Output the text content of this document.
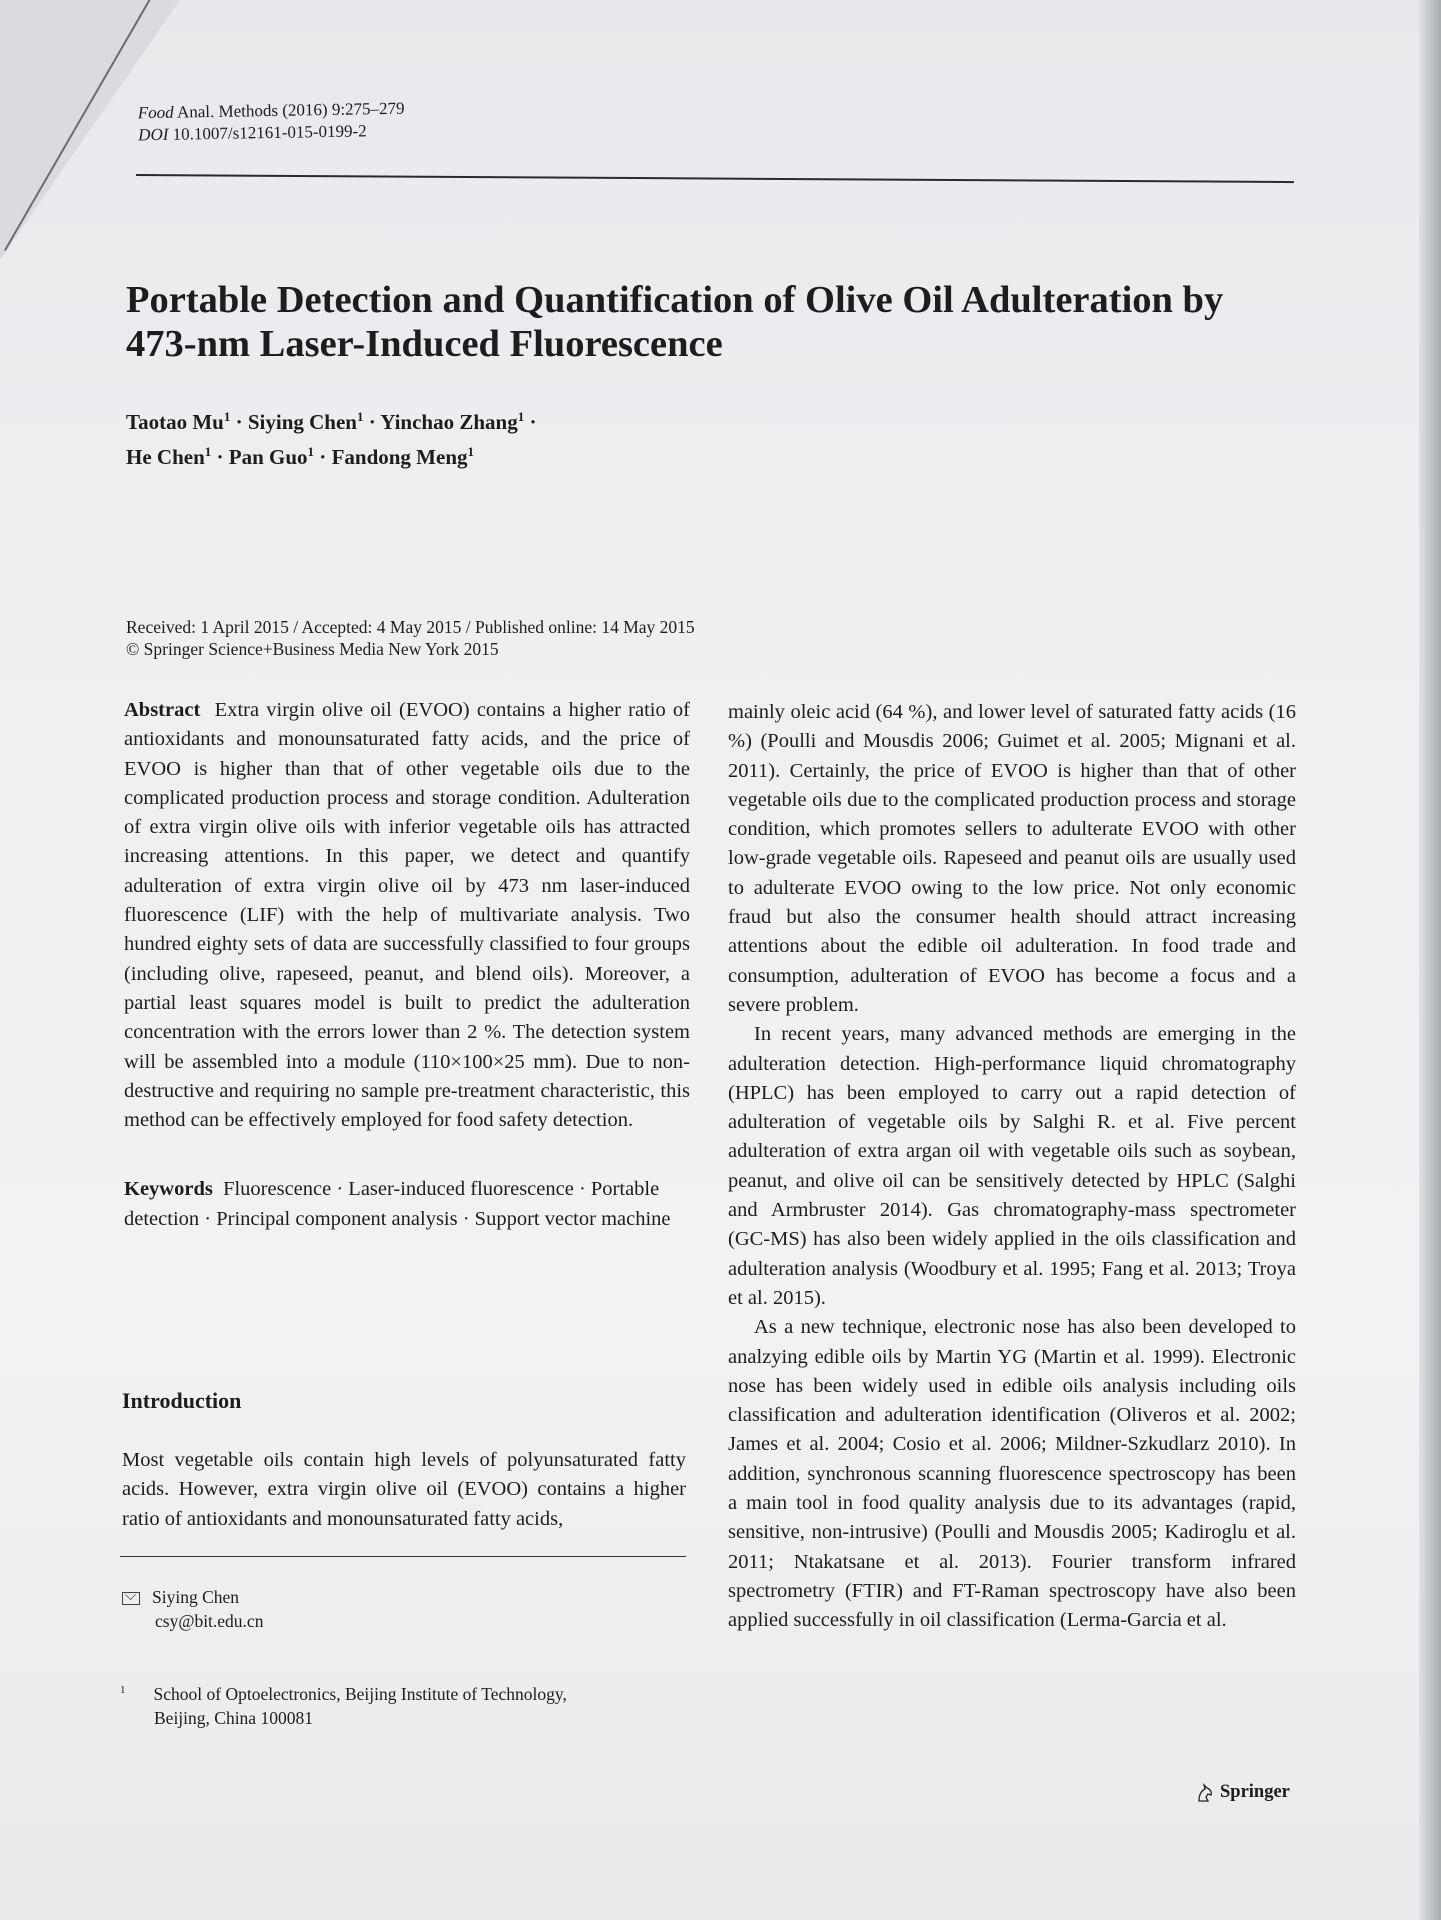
Food Anal. Methods (2016) 9:275–279
DOI 10.1007/s12161-015-0199-2
Portable Detection and Quantification of Olive Oil Adulteration by 473-nm Laser-Induced Fluorescence
Taotao $Mu^1$ · Siying Chen$^1$ · Yinchao Zhang$^1$ ·
He Chen$^1$ · Pan Guo$^1$ · Fandong Meng$^1$
Received: 1 April 2015 / Accepted: 4 May 2015 / Published online: 14 May 2015
© Springer Science+Business Media New York 2015

Abstract Extra virgin olive oil (EVOO) contains a higher ratio of antioxidants and monounsaturated fatty acids, and the price of EVOO is higher than that of other vegetable oils due to the complicated production process and storage condition. Adulteration of extra virgin olive oils with inferior vegetable oils has attracted increasing attentions. In this paper, we detect and quantify adulteration of extra virgin olive oil by 473 nm laser-induced fluorescence (LIF) with the help of multivariate analysis. Two hundred eighty sets of data are successfully classified to four groups (including olive, rapeseed, peanut, and blend oils). Moreover, a partial least squares model is built to predict the adulteration concentration with the errors lower than 2 %. The detection system will be assembled into a module (110×100×25 mm). Due to non-destructive and requiring no sample pre-treatment characteristic, this method can be effectively employed for food safety detection.

Keywords Fluorescence · Laser-induced fluorescence · Portable detection · Principal component analysis · Support vector machine

Introduction
Most vegetable oils contain high levels of polyunsaturated fatty acids. However, extra virgin olive oil (EVOO) contains a higher ratio of antioxidants and monounsaturated fatty acids,
Siying Chen
csy@bit.edu.cn
$^1$ School of Optoelectronics, Beijing Institute of Technology,
Beijing, China 100081

mainly oleic acid (64 %), and lower level of saturated fatty acids (16 %) (Poulli and Mousdis 2006; Guimet et al. 2005; Mignani et al. 2011). Certainly, the price of EVOO is higher than that of other vegetable oils due to the complicated production process and storage condition, which promotes sellers to adulterate EVOO with other low-grade vegetable oils. Rapeseed and peanut oils are usually used to adulterate EVOO owing to the low price. Not only economic fraud but also the consumer health should attract increasing attentions about the edible oil adulteration. In food trade and consumption, adulteration of EVOO has become a focus and a severe problem.

In recent years, many advanced methods are emerging in the adulteration detection. High-performance liquid chromatography (HPLC) has been employed to carry out a rapid detection of adulteration of vegetable oils by Salghi R. et al. Five percent adulteration of extra argan oil with vegetable oils such as soybean, peanut, and olive oil can be sensitively detected by HPLC (Salghi and Armbruster 2014). Gas chromatography-mass spectrometer (GC-MS) has also been widely applied in the oils classification and adulteration analysis (Woodbury et al. 1995; Fang et al. 2013; Troya et al. 2015).

As a new technique, electronic nose has also been developed to analzying edible oils by Martin YG (Martin et al. 1999). Electronic nose has been widely used in edible oils analysis including oils classification and adulteration identification (Oliveros et al. 2002; James et al. 2004; Cosio et al. 2006; Mildner-Szkudlarz 2010). In addition, synchronous scanning fluorescence spectroscopy has been a main tool in food quality analysis due to its advantages (rapid, sensitive, non-intrusive) (Poulli and Mousdis 2005; Kadiroglu et al. 2011; Ntakatsane et al. 2013). Fourier transform infrared spectrometry (FTIR) and FT-Raman spectroscopy have also been applied successfully in oil classification (Lerma-Garcia et al.

Springer
